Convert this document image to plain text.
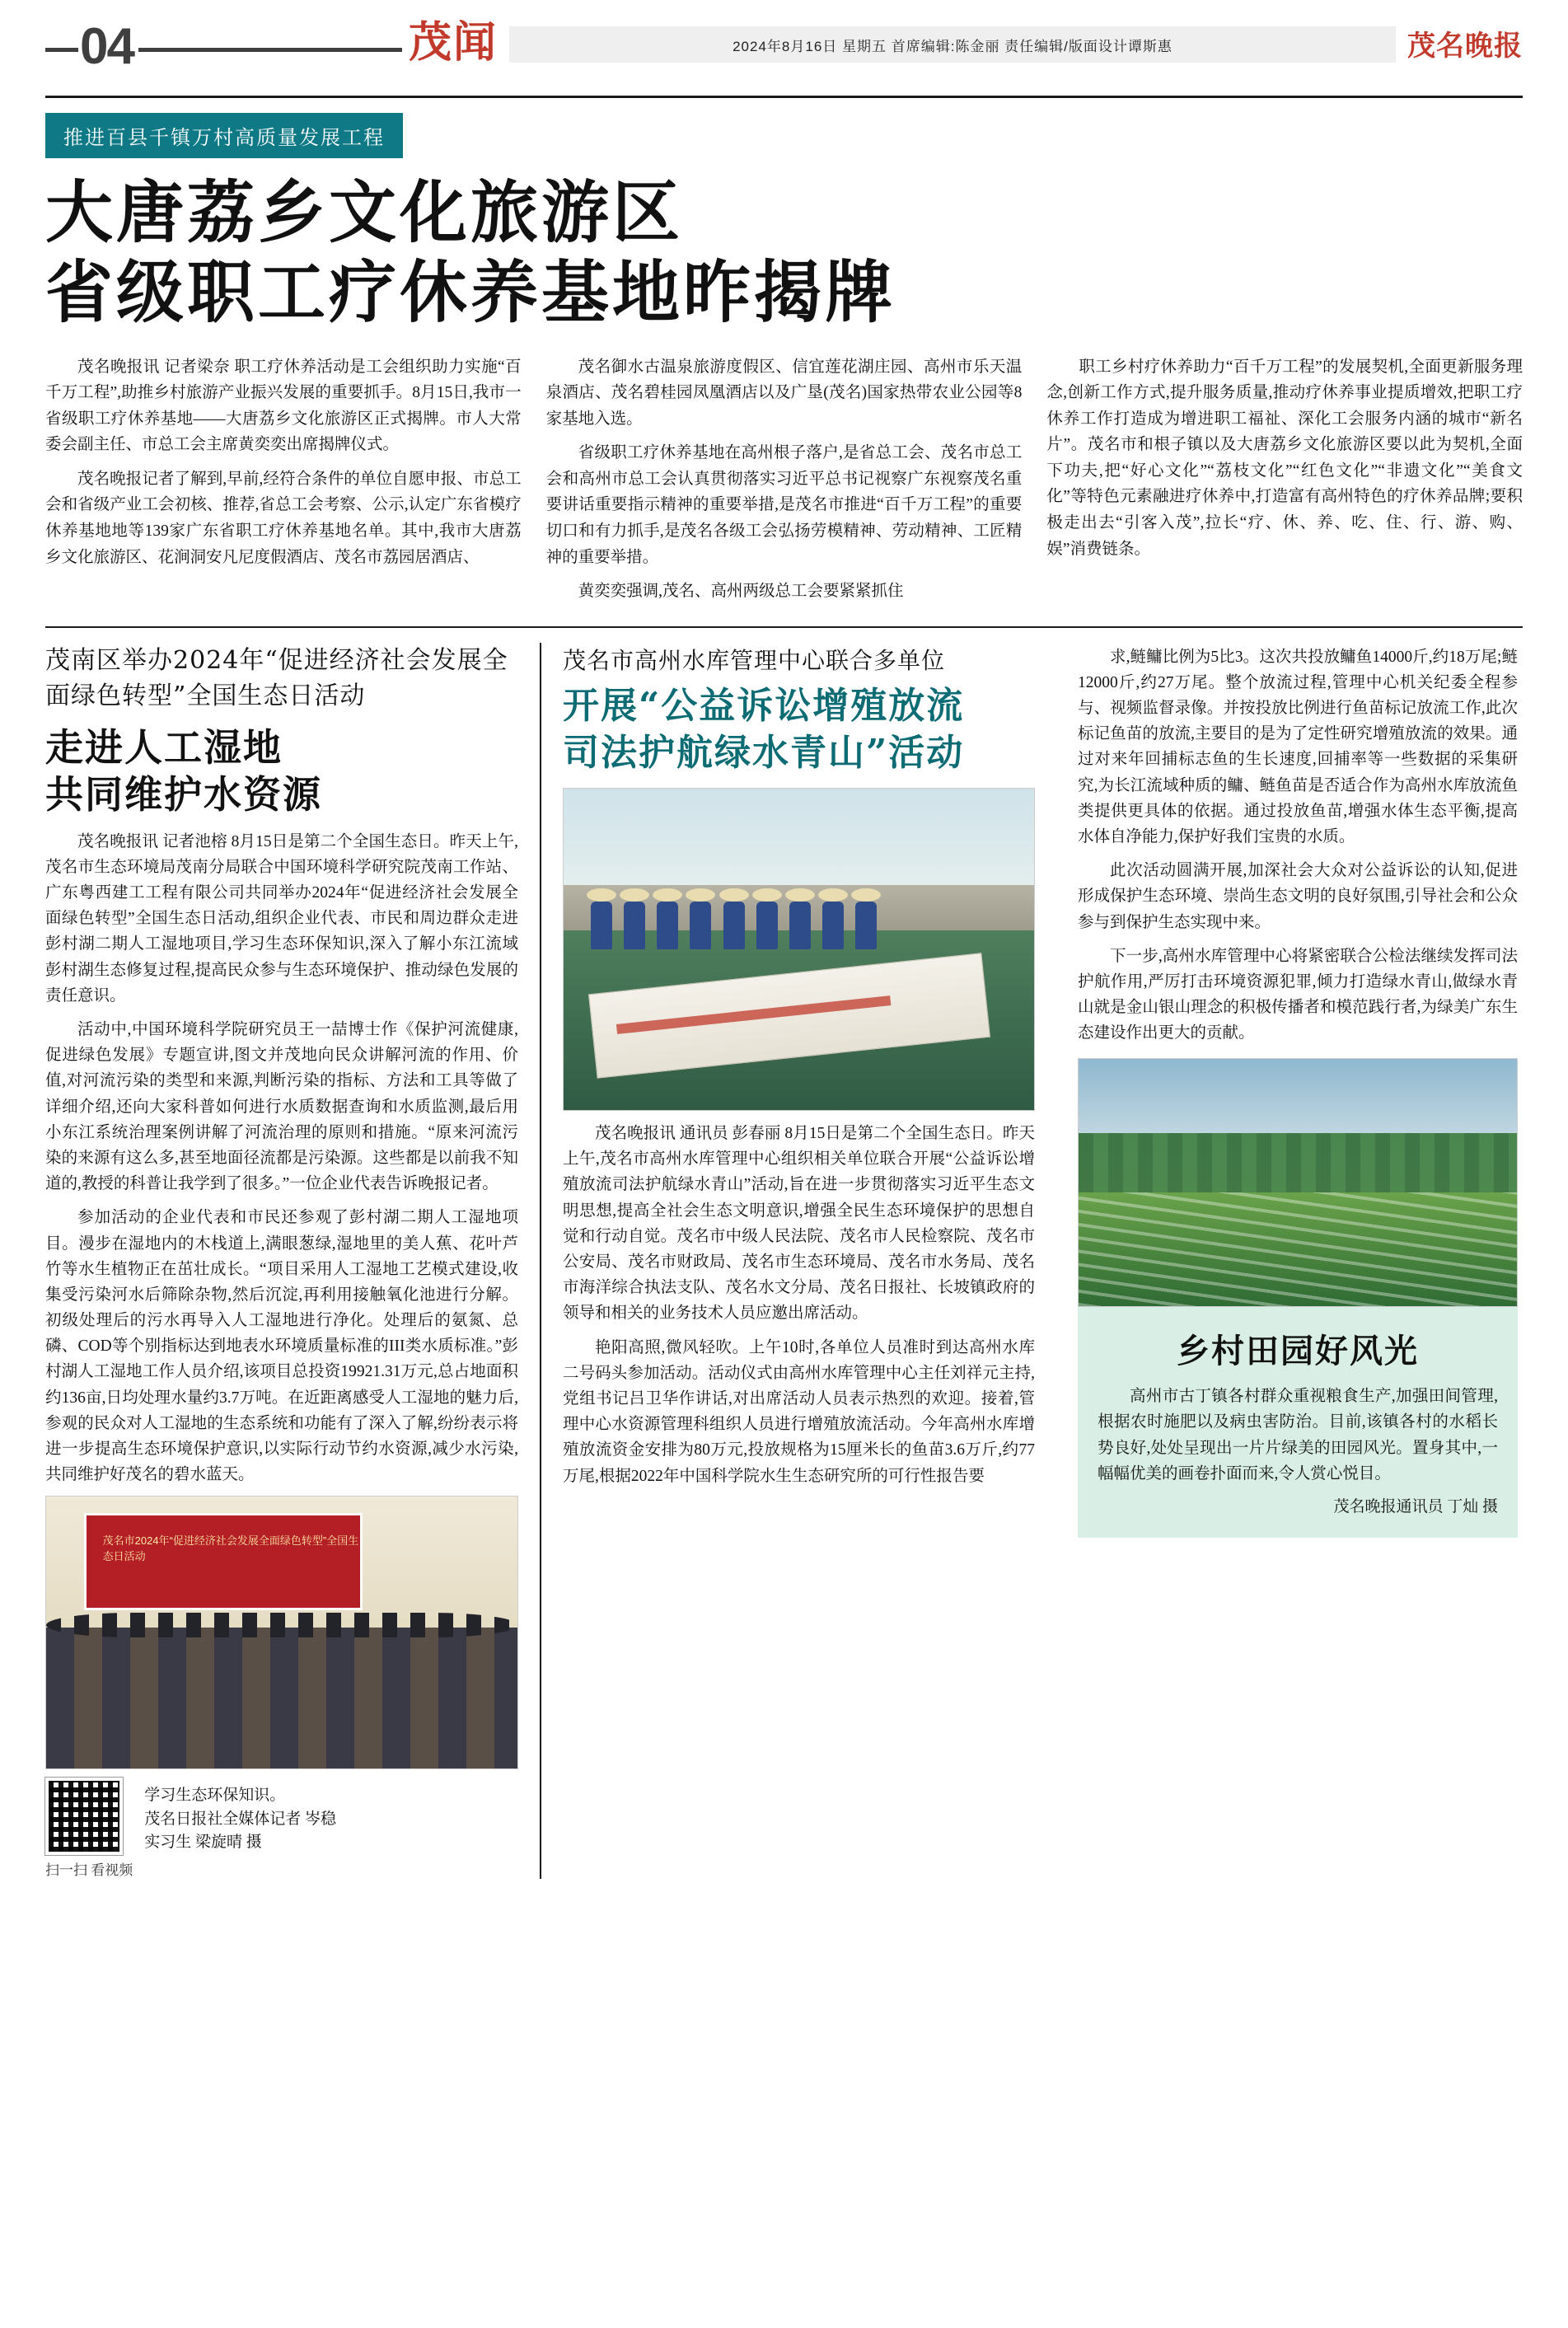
04	茂闻	2024年8月16日 星期五 首席编辑:陈金丽 责任编辑/版面设计谭斯惠	茂名晚报
推进百县千镇万村高质量发展工程
大唐荔乡文化旅游区
省级职工疗休养基地昨揭牌

茂名晚报讯 记者梁奈 职工疗休养活动是工会组织助力实施“百千万工程”,助推乡村旅游产业振兴发展的重要抓手。8月15日,我市一省级职工疗休养基地——大唐荔乡文化旅游区正式揭牌。市人大常委会副主任、市总工会主席黄奕奕出席揭牌仪式。

茂名晚报记者了解到,早前,经符合条件的单位自愿申报、市总工会和省级产业工会初核、推荐,省总工会考察、公示,认定广东省模疗休养基地地等139家广东省职工疗休养基地名单。其中,我市大唐荔乡文化旅游区、花涧洞安凡尼度假酒店、茂名市荔园居酒店、

茂名御水古温泉旅游度假区、信宜莲花湖庄园、高州市乐天温泉酒店、茂名碧桂园凤凰酒店以及广垦(茂名)国家热带农业公园等8家基地入选。

省级职工疗休养基地在高州根子落户,是省总工会、茂名市总工会和高州市总工会认真贯彻落实习近平总书记视察广东视察茂名重要讲话重要指示精神的重要举措,是茂名市推进“百千万工程”的重要切口和有力抓手,是茂名各级工会弘扬劳模精神、劳动精神、工匠精神的重要举措。

黄奕奕强调,茂名、高州两级总工会要紧紧抓住

职工乡村疗休养助力“百千万工程”的发展契机,全面更新服务理念,创新工作方式,提升服务质量,推动疗休养事业提质增效,把职工疗休养工作打造成为增进职工福祉、深化工会服务内涵的城市“新名片”。茂名市和根子镇以及大唐荔乡文化旅游区要以此为契机,全面下功夫,把“好心文化”“荔枝文化”“红色文化”“非遗文化”“美食文化”等特色元素融进疗休养中,打造富有高州特色的疗休养品牌;要积极走出去“引客入茂”,拉长“疗、休、养、吃、住、行、游、购、娱”消费链条。

茂南区举办2024年“促进经济社会发展全面绿色转型”全国生态日活动
走进人工湿地
共同维护水资源

茂名晚报讯 记者池榕 8月15日是第二个全国生态日。昨天上午,茂名市生态环境局茂南分局联合中国环境科学研究院茂南工作站、广东粤西建工工程有限公司共同举办2024年“促进经济社会发展全面绿色转型”全国生态日活动,组织企业代表、市民和周边群众走进彭村湖二期人工湿地项目,学习生态环保知识,深入了解小东江流域彭村湖生态修复过程,提高民众参与生态环境保护、推动绿色发展的责任意识。

活动中,中国环境科学院研究员王一喆博士作《保护河流健康,促进绿色发展》专题宣讲,图文并茂地向民众讲解河流的作用、价值,对河流污染的类型和来源,判断污染的指标、方法和工具等做了详细介绍,还向大家科普如何进行水质数据查询和水质监测,最后用小东江系统治理案例讲解了河流治理的原则和措施。“原来河流污染的来源有这么多,甚至地面径流都是污染源。这些都是以前我不知道的,教授的科普让我学到了很多。”一位企业代表告诉晚报记者。

参加活动的企业代表和市民还参观了彭村湖二期人工湿地项目。漫步在湿地内的木栈道上,满眼葱绿,湿地里的美人蕉、花叶芦竹等水生植物正在茁壮成长。“项目采用人工湿地工艺模式建设,收集受污染河水后筛除杂物,然后沉淀,再利用接触氧化池进行分解。初级处理后的污水再导入人工湿地进行净化。处理后的氨氮、总磷、COD等个别指标达到地表水环境质量标准的III类水质标准。”彭村湖人工湿地工作人员介绍,该项目总投资19921.31万元,总占地面积约136亩,日均处理水量约3.7万吨。在近距离感受人工湿地的魅力后,参观的民众对人工湿地的生态系统和功能有了深入了解,纷纷表示将进一步提高生态环境保护意识,以实际行动节约水资源,减少水污染,共同维护好茂名的碧水蓝天。

茂名市2024年“促进经济社会发展全面绿色转型”全国生态日活动
扫一扫 看视频
学习生态环保知识。
茂名日报社全媒体记者 岑稳
实习生 梁旋晴 摄
茂名市高州水库管理中心联合多单位
开展“公益诉讼增殖放流
司法护航绿水青山”活动

茂名晚报讯 通讯员 彭春丽 8月15日是第二个全国生态日。昨天上午,茂名市高州水库管理中心组织相关单位联合开展“公益诉讼增殖放流司法护航绿水青山”活动,旨在进一步贯彻落实习近平生态文明思想,提高全社会生态文明意识,增强全民生态环境保护的思想自觉和行动自觉。茂名市中级人民法院、茂名市人民检察院、茂名市公安局、茂名市财政局、茂名市生态环境局、茂名市水务局、茂名市海洋综合执法支队、茂名水文分局、茂名日报社、长坡镇政府的领导和相关的业务技术人员应邀出席活动。

艳阳高照,微风轻吹。上午10时,各单位人员准时到达高州水库二号码头参加活动。活动仪式由高州水库管理中心主任刘祥元主持,党组书记吕卫华作讲话,对出席活动人员表示热烈的欢迎。接着,管理中心水资源管理科组织人员进行增殖放流活动。今年高州水库增殖放流资金安排为80万元,投放规格为15厘米长的鱼苗3.6万斤,约77万尾,根据2022年中国科学院水生生态研究所的可行性报告要

求,鲢鳙比例为5比3。这次共投放鳙鱼14000斤,约18万尾;鲢12000斤,约27万尾。整个放流过程,管理中心机关纪委全程参与、视频监督录像。并按投放比例进行鱼苗标记放流工作,此次标记鱼苗的放流,主要目的是为了定性研究增殖放流的效果。通过对来年回捕标志鱼的生长速度,回捕率等一些数据的采集研究,为长江流域种质的鳙、鲢鱼苗是否适合作为高州水库放流鱼类提供更具体的依据。通过投放鱼苗,增强水体生态平衡,提高水体自净能力,保护好我们宝贵的水质。

此次活动圆满开展,加深社会大众对公益诉讼的认知,促进形成保护生态环境、崇尚生态文明的良好氛围,引导社会和公众参与到保护生态实现中来。

下一步,高州水库管理中心将紧密联合公检法继续发挥司法护航作用,严厉打击环境资源犯罪,倾力打造绿水青山,做绿水青山就是金山银山理念的积极传播者和模范践行者,为绿美广东生态建设作出更大的贡献。

乡村田园好风光

高州市古丁镇各村群众重视粮食生产,加强田间管理,根据农时施肥以及病虫害防治。目前,该镇各村的水稻长势良好,处处呈现出一片片绿美的田园风光。置身其中,一幅幅优美的画卷扑面而来,令人赏心悦目。

茂名晚报通讯员 丁灿 摄
